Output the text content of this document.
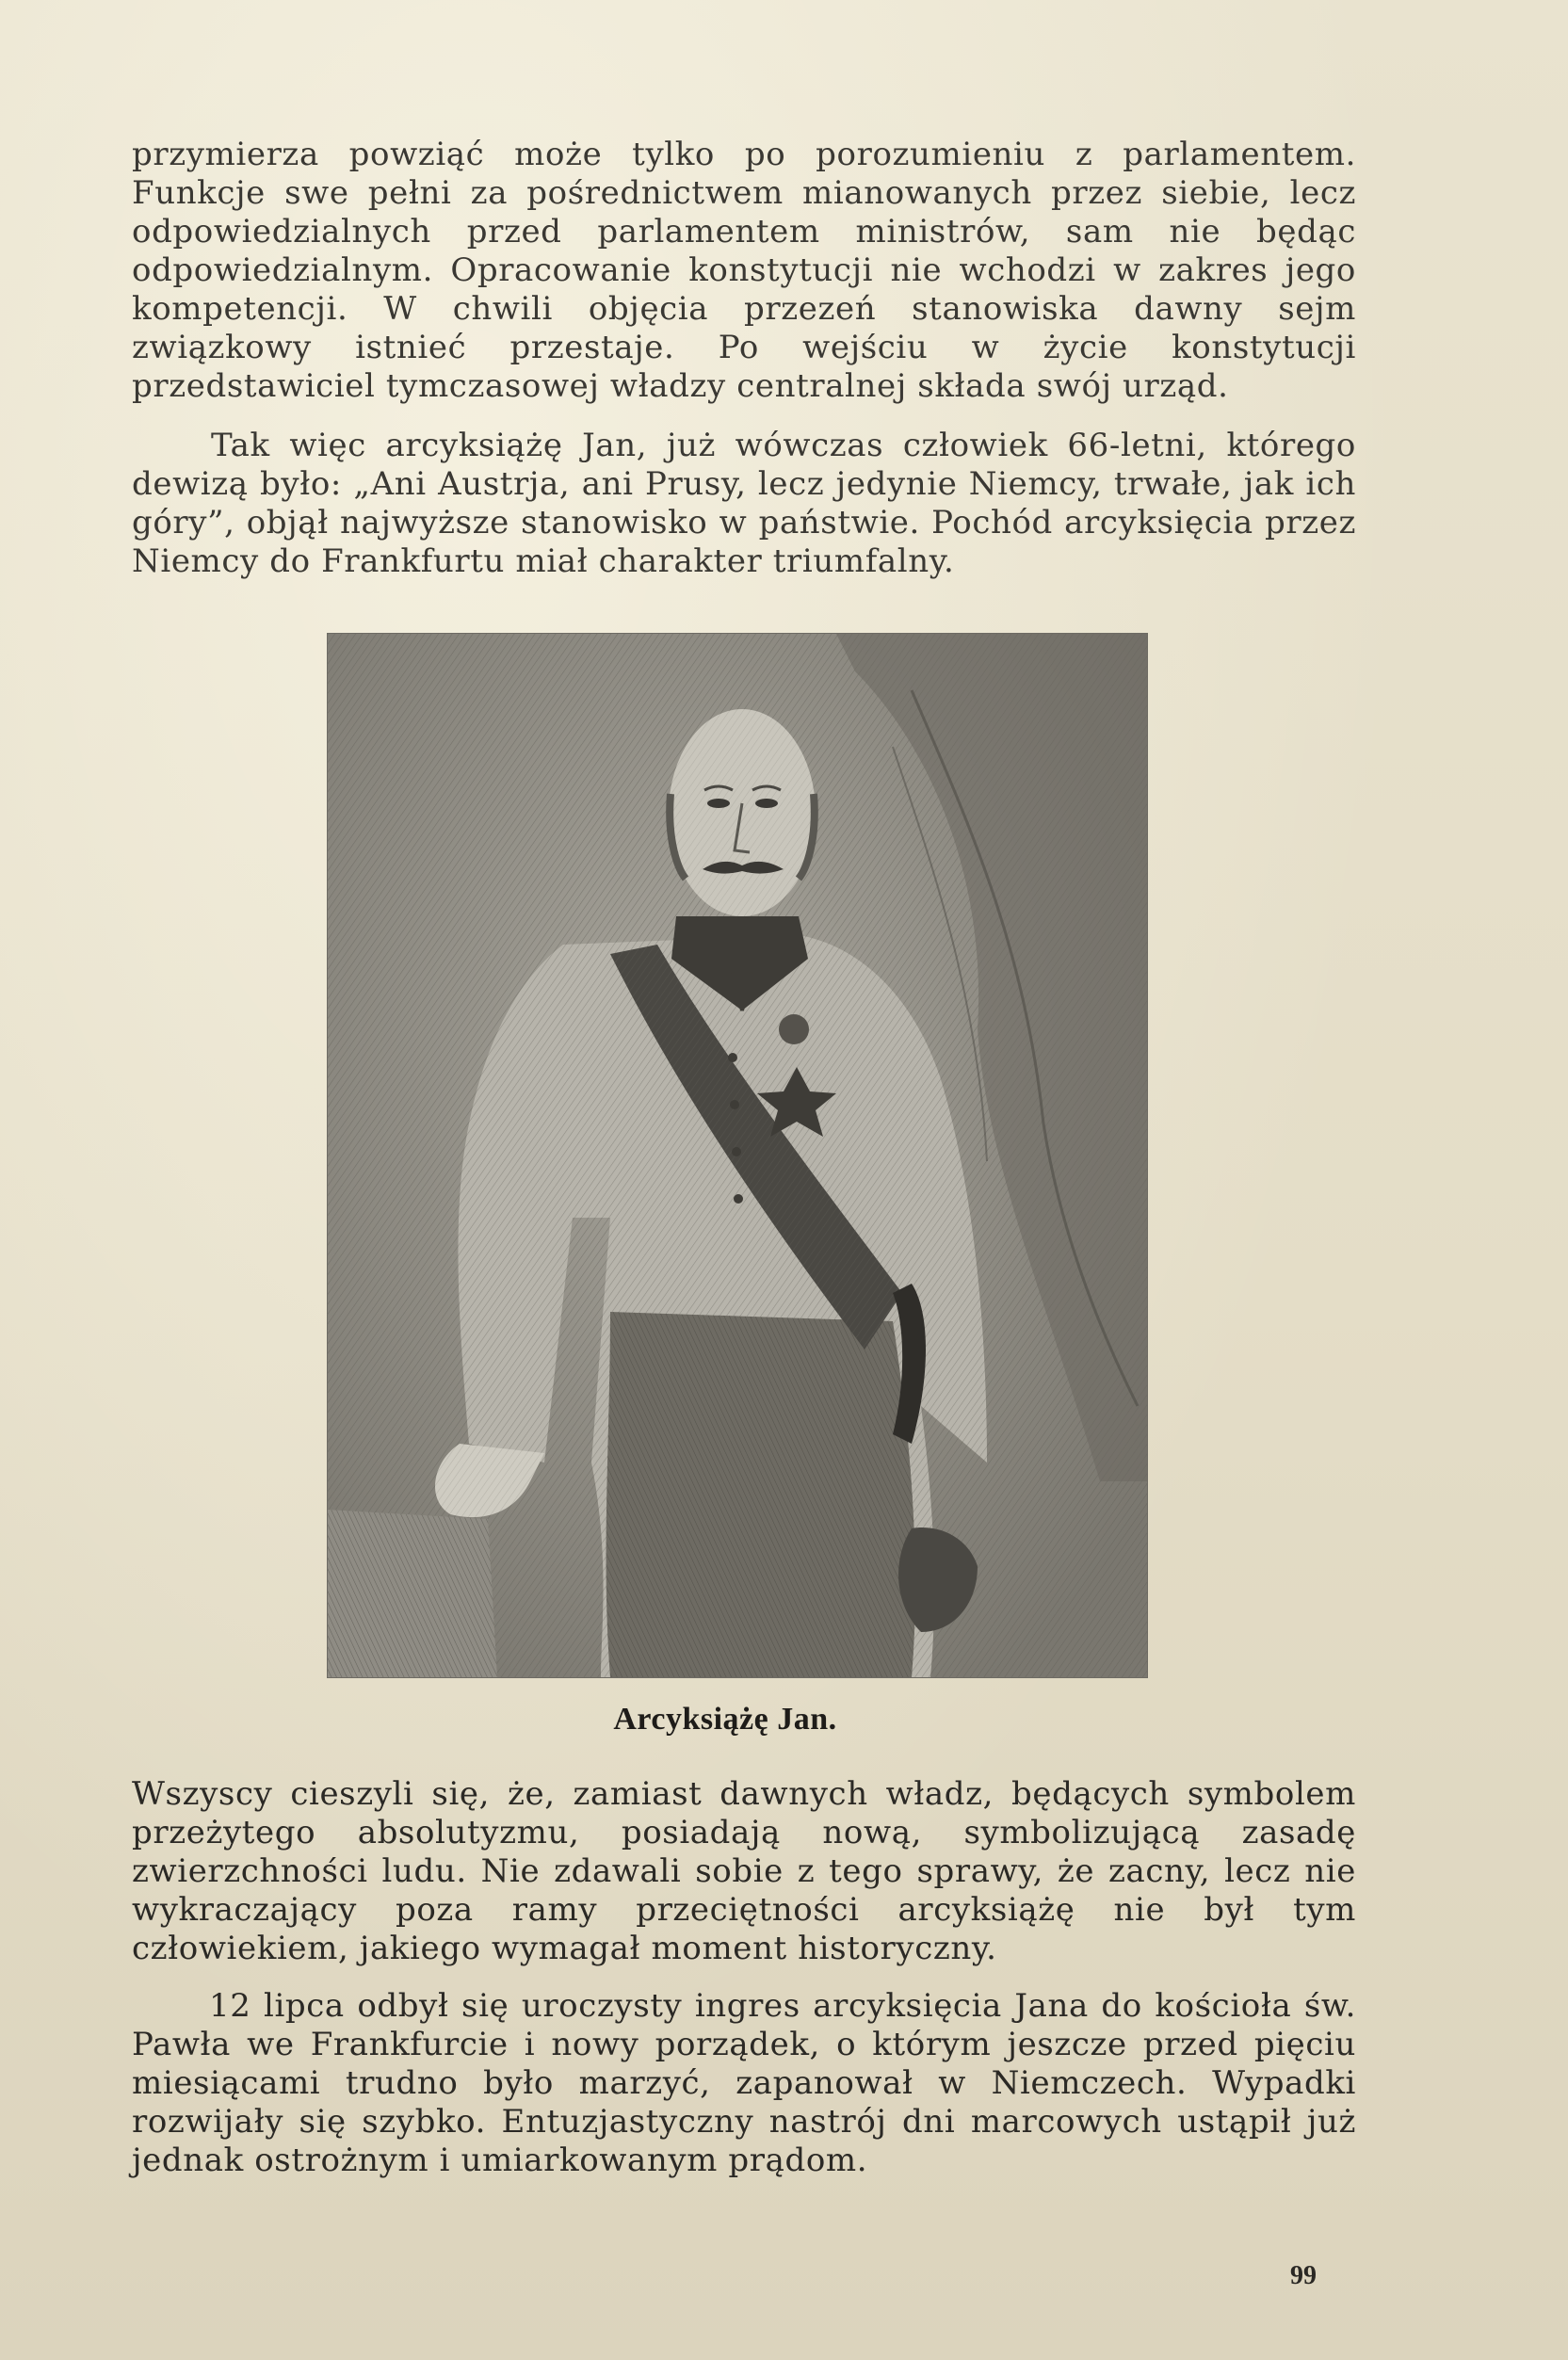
przymierza powziąć może tylko po porozumieniu z parlamentem. Funkcje swe pełni za pośrednictwem mianowanych przez siebie, lecz odpowiedzialnych przed parlamentem ministrów, sam nie będąc odpowiedzialnym. Opracowanie konstytucji nie wchodzi w zakres jego kompetencji. W chwili objęcia przezeń stanowiska dawny sejm związkowy istnieć przestaje. Po wejściu w życie konstytucji przedstawiciel tymczasowej władzy centralnej składa swój urząd.
Tak więc arcyksiążę Jan, już wówczas człowiek 66-letni, którego dewizą było: „Ani Austrja, ani Prusy, lecz jedynie Niemcy, trwałe, jak ich góry”, objął najwyższe stanowisko w państwie. Pochód arcyksięcia przez Niemcy do Frankfurtu miał charakter triumfalny.
Arcyksiążę Jan.
Wszyscy cieszyli się, że, zamiast dawnych władz, będących symbolem przeżytego absolutyzmu, posiadają nową, symbolizującą zasadę zwierzchności ludu. Nie zdawali sobie z tego sprawy, że zacny, lecz nie wykraczający poza ramy przeciętności arcyksiążę nie był tym człowiekiem, jakiego wymagał moment historyczny.
12 lipca odbył się uroczysty ingres arcyksięcia Jana do kościoła św. Pawła we Frankfurcie i nowy porządek, o którym jeszcze przed pięciu miesiącami trudno było marzyć, zapanował w Niemczech. Wypadki rozwijały się szybko. Entuzjastyczny nastrój dni marcowych ustąpił już jednak ostrożnym i umiarkowanym prądom.
99
